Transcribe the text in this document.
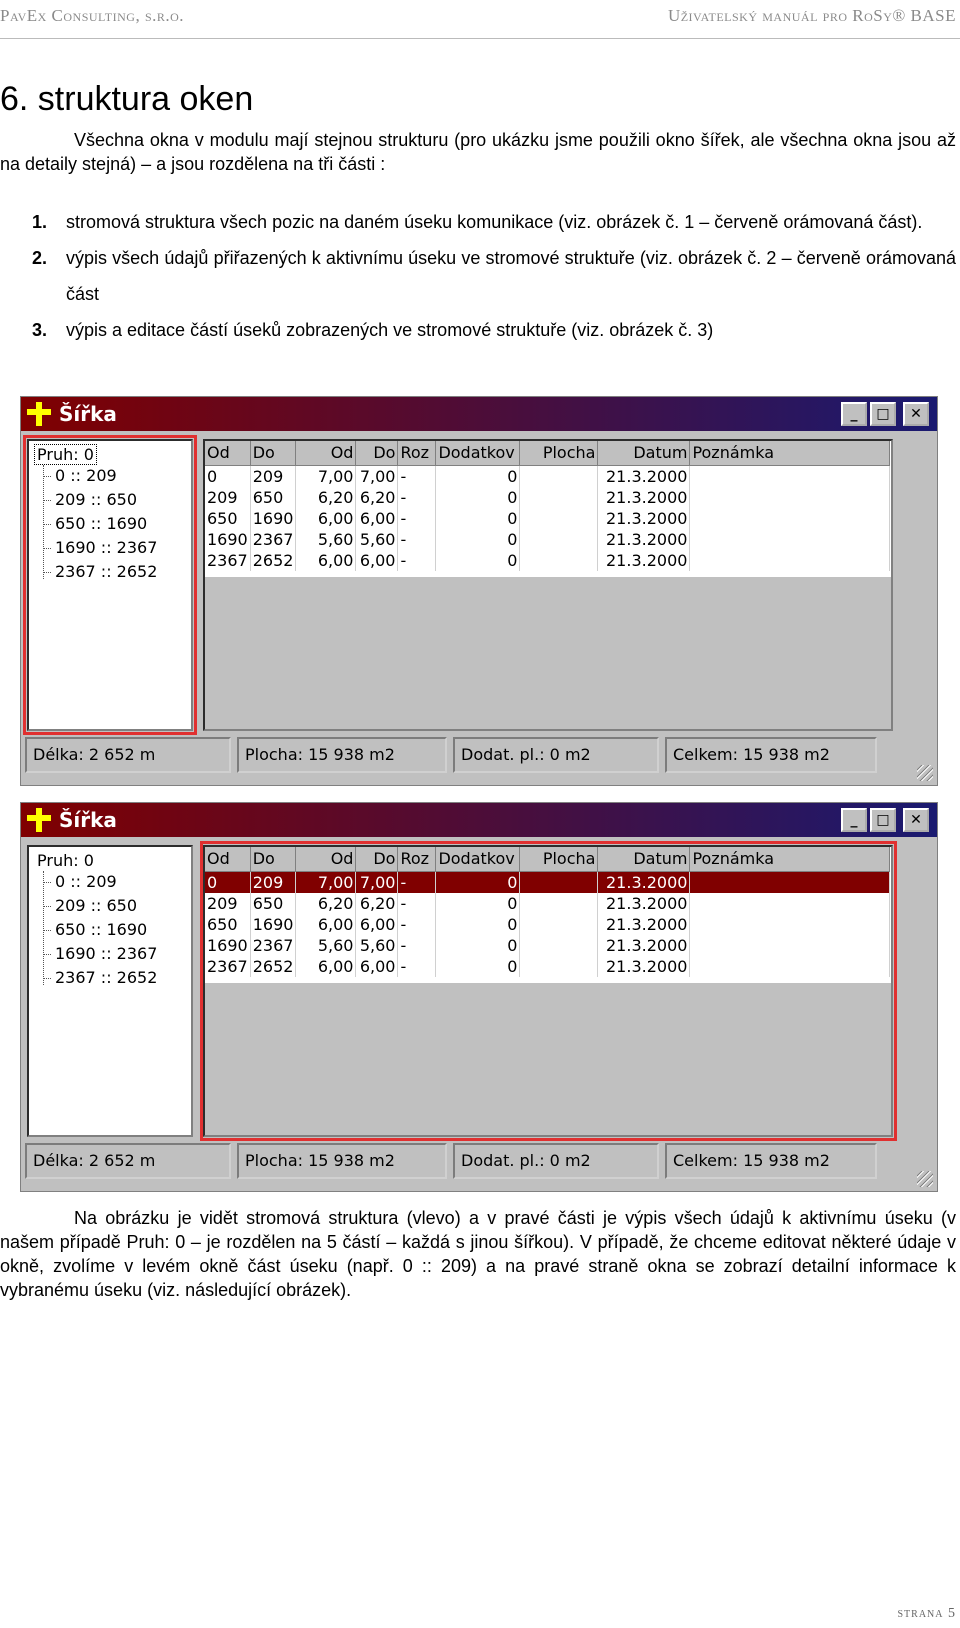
PavEx Consulting, s.r.o.	Uživatelský manuál pro RoSy® BASE
6. struktura oken
Všechna okna v modulu mají stejnou strukturu (pro ukázku jsme použili okno šířek, ale všechna okna jsou až na detaily stejná) – a jsou rozdělena na tři části :
1.	stromová struktura všech pozic na daném úseku komunikace (viz. obrázek č. 1 – červeně orámovaná část).
2.	výpis všech údajů přiřazených k aktivnímu úseku ve stromové struktuře (viz. obrázek č. 2 – červeně orámovaná část
3.	výpis a editace částí úseků zobrazených ve stromové struktuře (viz. obrázek č. 3)
Šířka	_	□	✕
Pruh: 0
0 :: 209
209 :: 650
650 :: 1690
1690 :: 2367
2367 :: 2652
Od	Do	Od	Do	Roz	Dodatkov	Plocha	Datum	Poznámka
0	209	7,00	7,00	-	0		21.3.2000	
209	650	6,20	6,20	-	0		21.3.2000	
650	1690	6,00	6,00	-	0		21.3.2000	
1690	2367	5,60	5,60	-	0		21.3.2000	
2367	2652	6,00	6,00	-	0		21.3.2000	
Délka: 2 652 m	Plocha: 15 938 m2	Dodat. pl.: 0 m2	Celkem: 15 938 m2
Šířka	_	□	✕
Pruh: 0
0 :: 209
209 :: 650
650 :: 1690
1690 :: 2367
2367 :: 2652
Od	Do	Od	Do	Roz	Dodatkov	Plocha	Datum	Poznámka
0	209	7,00	7,00	-	0		21.3.2000	
209	650	6,20	6,20	-	0		21.3.2000	
650	1690	6,00	6,00	-	0		21.3.2000	
1690	2367	5,60	5,60	-	0		21.3.2000	
2367	2652	6,00	6,00	-	0		21.3.2000	
Délka: 2 652 m	Plocha: 15 938 m2	Dodat. pl.: 0 m2	Celkem: 15 938 m2
Na obrázku je vidět stromová struktura (vlevo) a v pravé části je výpis všech údajů k aktivnímu úseku (v našem případě Pruh: 0 – je rozdělen na 5 částí – každá s jinou šířkou). V případě, že chceme editovat některé údaje v okně, zvolíme v levém okně část úseku (např. 0 :: 209) a na pravé straně okna se zobrazí detailní informace k vybranému úseku (viz. následující obrázek).
strana 5
